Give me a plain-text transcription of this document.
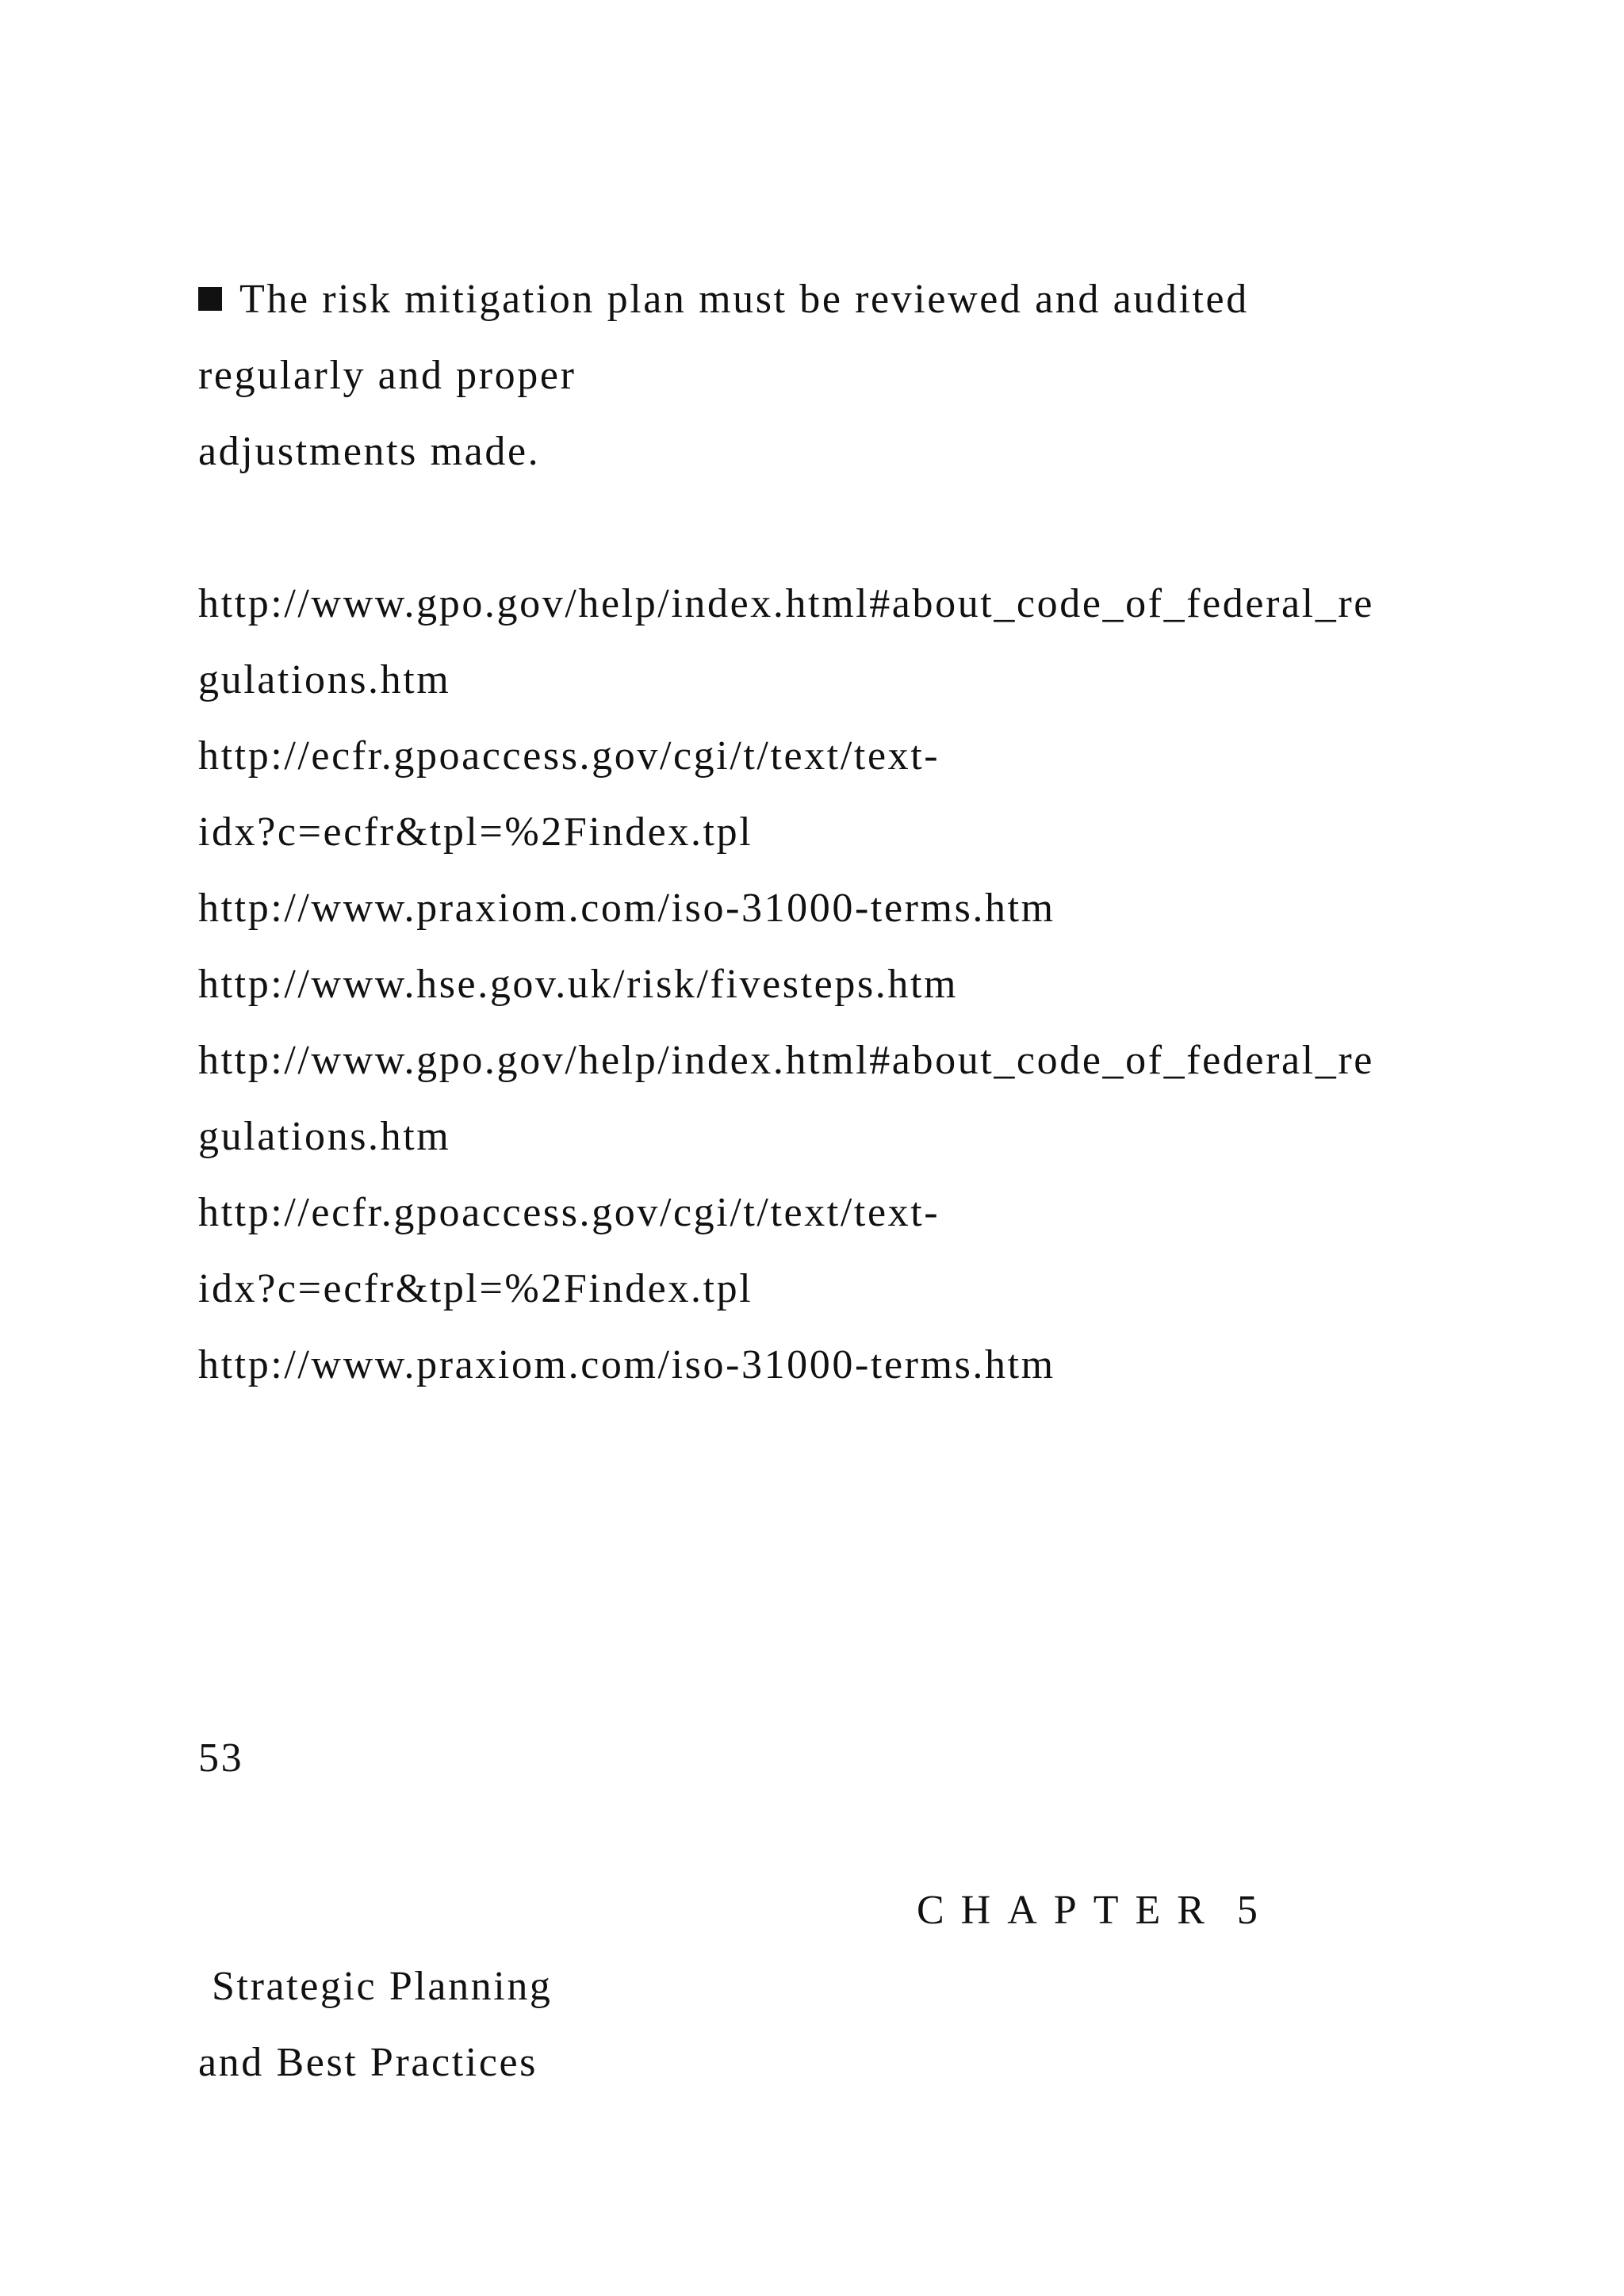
The risk mitigation plan must be reviewed and audited
regularly and proper
adjustments made.
http://www.gpo.gov/help/index.html#about_code_of_federal_re
gulations.htm
http://ecfr.gpoaccess.gov/cgi/t/text/text-
idx?c=ecfr&tpl=%2Findex.tpl
http://www.praxiom.com/iso-31000-terms.htm
http://www.hse.gov.uk/risk/fivesteps.htm
http://www.gpo.gov/help/index.html#about_code_of_federal_re
gulations.htm
http://ecfr.gpoaccess.gov/cgi/t/text/text-
idx?c=ecfr&tpl=%2Findex.tpl
http://www.praxiom.com/iso-31000-terms.htm
53
CHAPTER 5
Strategic Planning
and Best Practices
